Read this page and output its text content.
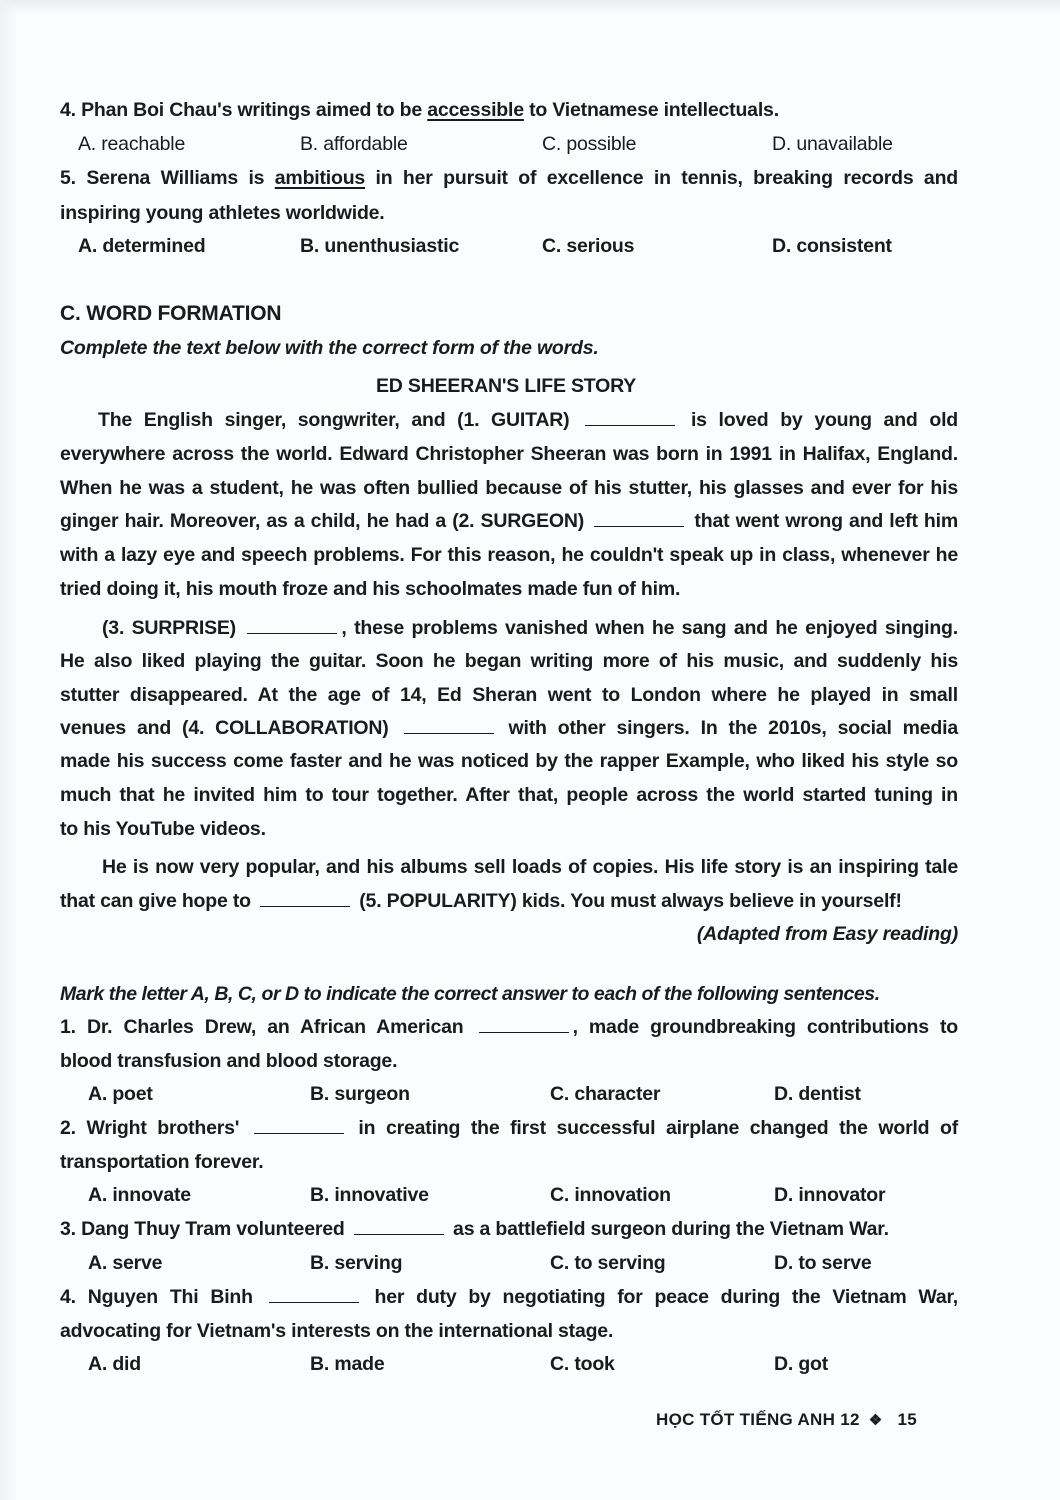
4. Phan Boi Chau's writings aimed to be accessible to Vietnamese intellectuals.
A. reachable	B. affordable	C. possible	D. unavailable
5. Serena Williams is ambitious in her pursuit of excellence in tennis, breaking records and
inspiring young athletes worldwide.
A. determined	B. unenthusiastic	C. serious	D. consistent
C. WORD FORMATION
Complete the text below with the correct form of the words.
ED SHEERAN'S LIFE STORY
The English singer, songwriter, and (1. GUITAR)	is loved by young and old
everywhere across the world. Edward Christopher Sheeran was born in 1991 in Halifax, England.
When he was a student, he was often bullied because of his stutter, his glasses and ever for his
ginger hair. Moreover, as a child, he had a (2. SURGEON)	that went wrong and left him
with a lazy eye and speech problems. For this reason, he couldn't speak up in class, whenever he
tried doing it, his mouth froze and his schoolmates made fun of him.
(3. SURPRISE)	, these problems vanished when he sang and he enjoyed singing.
He also liked playing the guitar. Soon he began writing more of his music, and suddenly his
stutter disappeared. At the age of 14, Ed Sheran went to London where he played in small
venues and (4. COLLABORATION)	with other singers. In the 2010s, social media
made his success come faster and he was noticed by the rapper Example, who liked his style so
much that he invited him to tour together. After that, people across the world started tuning in
to his YouTube videos.
He is now very popular, and his albums sell loads of copies. His life story is an inspiring tale
that can give hope to	(5. POPULARITY) kids. You must always believe in yourself!
(Adapted from Easy reading)
Mark the letter A, B, C, or D to indicate the correct answer to each of the following sentences.
1. Dr. Charles Drew, an African American	, made groundbreaking contributions to
blood transfusion and blood storage.
A. poet	B. surgeon	C. character	D. dentist
2. Wright brothers'	in creating the first successful airplane changed the world of
transportation forever.
A. innovate	B. innovative	C. innovation	D. innovator
3. Dang Thuy Tram volunteered	as a battlefield surgeon during the Vietnam War.
A. serve	B. serving	C. to serving	D. to serve
4. Nguyen Thi Binh	her duty by negotiating for peace during the Vietnam War,
advocating for Vietnam's interests on the international stage.
A. did	B. made	C. took	D. got
HỌC TỐT TIẾNG ANH 12 ❖ 15
